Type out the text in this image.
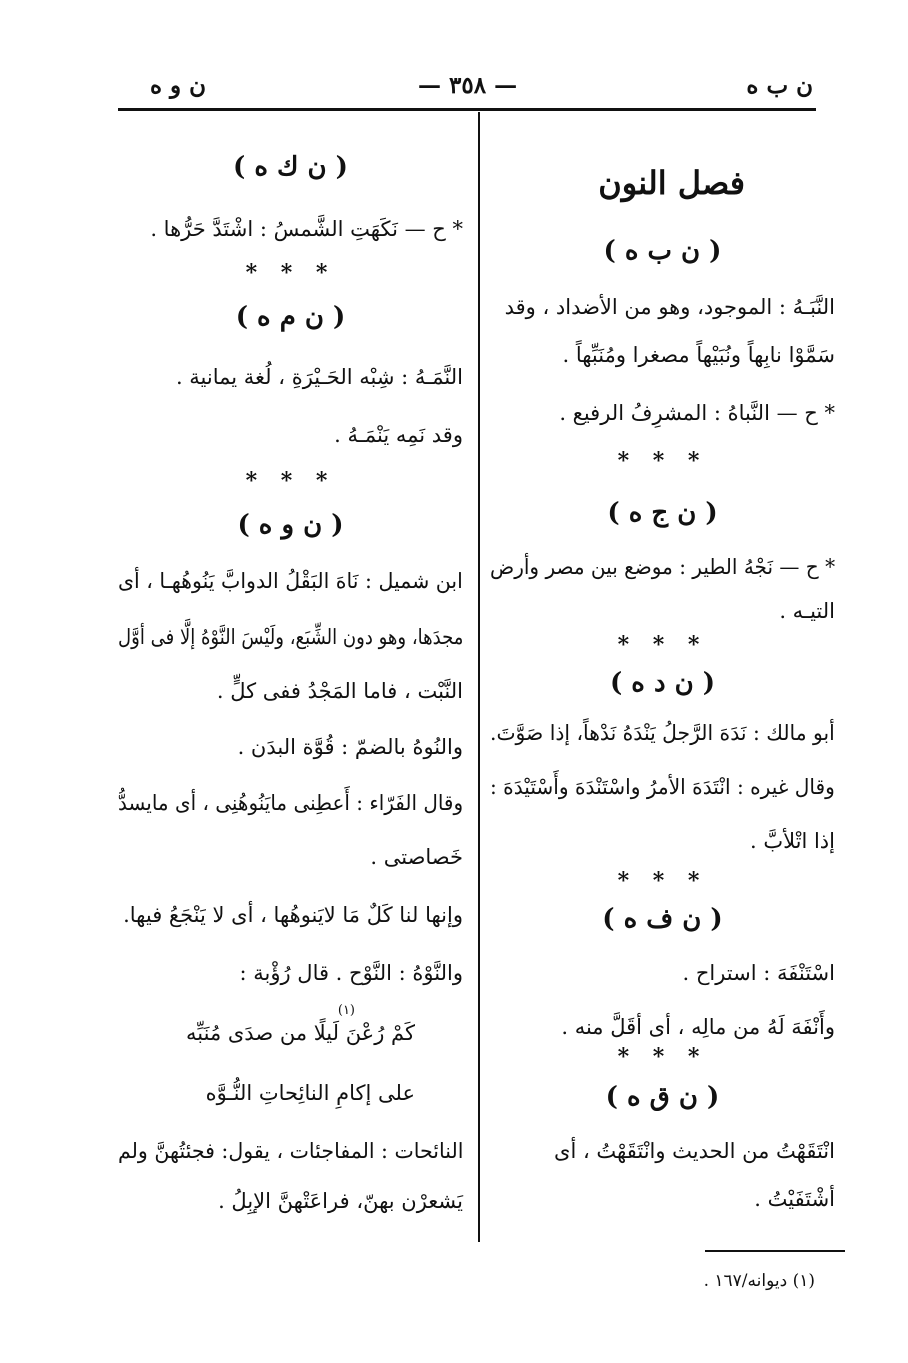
ن ب ه
— ٣٥٨ —
ن و ه
فصل النون
( ن ب ه )
النَّبَـهُ : الموجود، وهو من الأضداد ، وقد
سَمَّوْا نابِهاً ونُبَيْهاً مصغرا ومُنَبِّهاً .
* ح — النَّباهُ : المشرِفُ الرفيع .
* * *
( ن ج ه )
* ح — نَجْهُ الطير : موضع بين مصر وأرض
التيـه .
* * *
( ن د ه )
أبو مالك : نَدَهَ الرَّجلُ يَنْدَهُ نَدْهاً، إذا صَوَّتَ.
وقال غيره : انْتَدَهَ الأمرُ واسْتَنْدَهَ وأَسْتَيْدَهَ :
إذا اتْلأبَّ .
* * *
( ن ف ه )
اسْتَنْفَهَ : استراح .
وأَنْفَهَ لَهُ من مالِه ، أى أقَلَّ منه .
* * *
( ن ق ه )
انْتَقَهْتُ من الحديث وانْتَقَهْتُ ، أى
أشْتَفَيْتُ .
(١) ديوانه/١٦٧ .
( ن ك ه )
* ح — نَكَهَتِ الشَّمسُ : اشْتَدَّ حَرُّها .
* * *
( ن م ه )
النَّمَـهُ : شِبْه الحَـيْرَةِ ، لُغة يمانية .
وقد نَمِه يَنْمَـهُ .
* * *
( ن و ه )
ابن شميل : نَاهَ البَقْلُ الدوابَّ يَنُوهُهـا ، أى
مجدَها، وهو دون الشِّبَع، ولَيْسَ النَّوْهُ إلَّا فى أوَّل
النَّبْت ، فاما المَجْدُ ففى كلٍّ .
والنُوهُ بالضمّ : قُوَّة البدَن .
وقال الفَرّاء : أَعطِنى مايَنُوهُنِى ، أى مايسدُّ
خَصاصتى .
وإنها لنا كَلٌ مَا لايَنوهُها ، أى لا يَنْجَعُ فيها.
والنَّوْهُ : النَّوْح . قال رُؤْبة :
(١)
كَمْ رُعْنَ لَيلًا من صدَى مُنَبِّه
على إكامِ النائِحاتِ النُّـوَّه
النائحات : المفاجئات ، يقول: فجئتُهنَّ ولم
يَشعرْن بهنّ، فراعَتْهنَّ الإبِلُ .
